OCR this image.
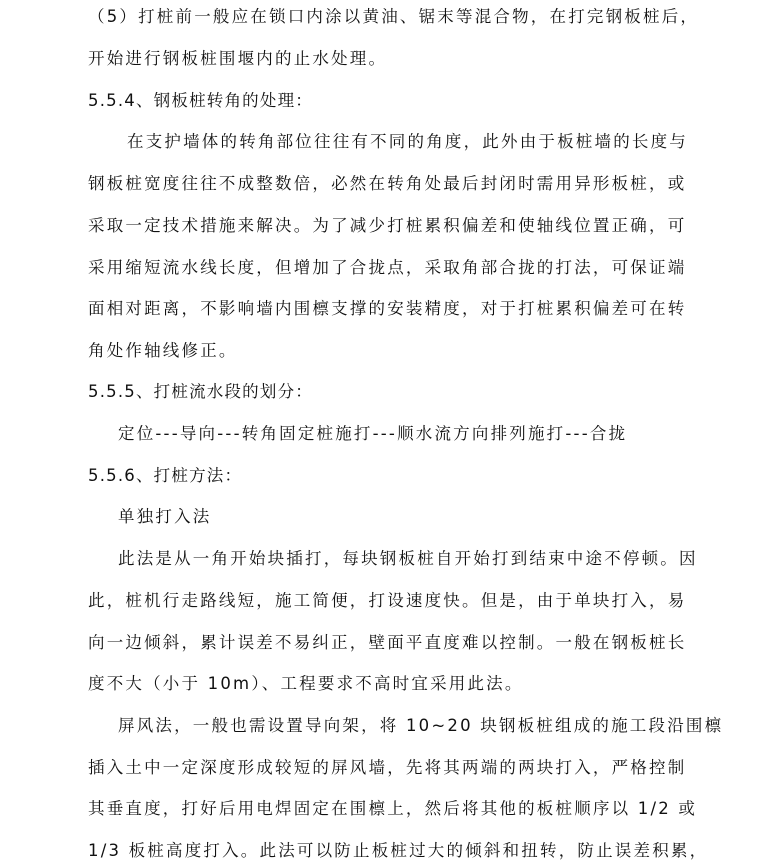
（5）打桩前一般应在锁口内涂以黄油、锯末等混合物，在打完钢板桩后，
开始进行钢板桩围堰内的止水处理。
5.5.4、钢板桩转角的处理：
在支护墙体的转角部位往往有不同的角度，此外由于板桩墙的长度与
钢板桩宽度往往不成整数倍，必然在转角处最后封闭时需用异形板桩，或
采取一定技术措施来解决。为了减少打桩累积偏差和使轴线位置正确，可
采用缩短流水线长度，但增加了合拢点，采取角部合拢的打法，可保证端
面相对距离，不影响墙内围檩支撑的安装精度，对于打桩累积偏差可在转
角处作轴线修正。
5.5.5、打桩流水段的划分：
定位---导向---转角固定桩施打---顺水流方向排列施打---合拢
5.5.6、打桩方法：
单独打入法
此法是从一角开始块插打，每块钢板桩自开始打到结束中途不停顿。因
此，桩机行走路线短，施工简便，打设速度快。但是，由于单块打入，易
向一边倾斜，累计误差不易纠正，壁面平直度难以控制。一般在钢板桩长
度不大（小于 10m）、工程要求不高时宜采用此法。
屏风法，一般也需设置导向架，将 10~20 块钢板桩组成的施工段沿围檩
插入土中一定深度形成较短的屏风墙，先将其两端的两块打入，严格控制
其垂直度，打好后用电焊固定在围檩上，然后将其他的板桩顺序以 1/2 或
1/3 板桩高度打入。此法可以防止板桩过大的倾斜和扭转，防止误差积累，
